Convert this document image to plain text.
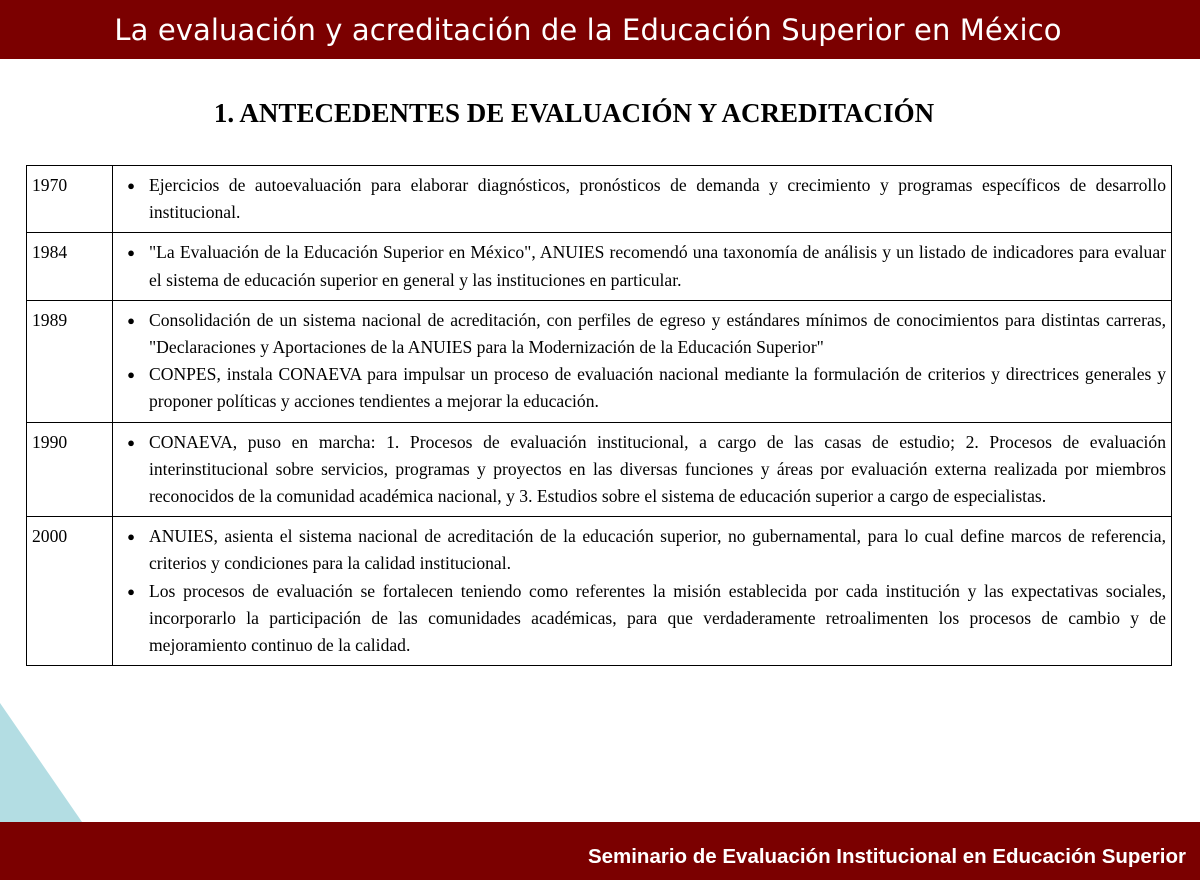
La evaluación y acreditación de la Educación Superior en México
1. ANTECEDENTES DE EVALUACIÓN Y ACREDITACIÓN
1970	● Ejercicios de autoevaluación para elaborar diagnósticos, pronósticos de demanda y crecimiento y programas específicos de desarrollo institucional.

1984	● "La Evaluación de la Educación Superior en México", ANUIES recomendó una taxonomía de análisis y un listado de indicadores para evaluar el sistema de educación superior en general y las instituciones en particular.

1989	● Consolidación de un sistema nacional de acreditación, con perfiles de egreso y estándares mínimos de conocimientos para distintas carreras, "Declaraciones y Aportaciones de la ANUIES para la Modernización de la Educación Superior"
● CONPES, instala CONAEVA para impulsar un proceso de evaluación nacional mediante la formulación de criterios y directrices generales y proponer políticas y acciones tendientes a mejorar la educación.

1990	● CONAEVA, puso en marcha: 1. Procesos de evaluación institucional, a cargo de las casas de estudio; 2. Procesos de evaluación interinstitucional sobre servicios, programas y proyectos en las diversas funciones y áreas por evaluación externa realizada por miembros reconocidos de la comunidad académica nacional, y 3. Estudios sobre el sistema de educación superior a cargo de especialistas.

2000	● ANUIES, asienta el sistema nacional de acreditación de la educación superior, no gubernamental, para lo cual define marcos de referencia, criterios y condiciones para la calidad institucional.
● Los procesos de evaluación se fortalecen teniendo como referentes la misión establecida por cada institución y las expectativas sociales, incorporarlo la participación de las comunidades académicas, para que verdaderamente retroalimenten los procesos de cambio y de mejoramiento continuo de la calidad.
Seminario de Evaluación Institucional en Educación Superior
